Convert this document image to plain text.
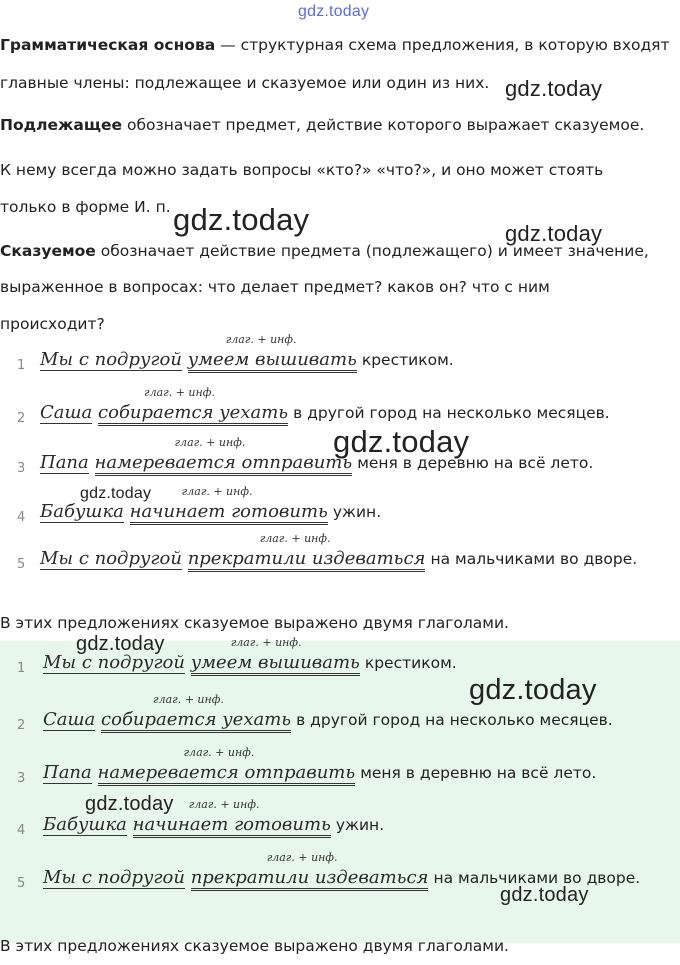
gdz.today

Грамматическая основа — структурная схема предложения, в которую входят

главные члены: подлежащее и сказуемое или один из них. gdz.today

Подлежащее обозначает предмет, действие которого выражает сказуемое.

К нему всегда можно задать вопросы «кто?» «что?», и оно может стоять

только в форме И. п. gdz.today	gdz.today

Сказуемое обозначает действие предмета (подлежащего) и имеет значение,

выраженное в вопросах: что делает предмет? каков он? что с ним

происходит?

1 Мы с подругой
глаг. + инф.
умеем вышивать крестиком.
2 Саша
глаг. + инф.
собирается уехать в другой город на несколько месяцев.
3 Папа
глаг. + инф.
намеревается отправить меня в деревню на всё лето.
gdz.today
4 Бабушка
глаг. + инф.
начинает готовить ужин.
gdz.today
5 Мы с подругой
глаг. + инф.
прекратили издеваться на мальчиками во дворе.

В этих предложениях сказуемое выражено двумя глаголами.

1 Мы с подругой
глаг. + инф.
умеем вышивать крестиком.
gdz.today
gdz.today
2 Саша
глаг. + инф.
собирается уехать в другой город на несколько месяцев.
3 Папа
глаг. + инф.
намеревается отправить меня в деревню на всё лето.
gdz.today
4 Бабушка
глаг. + инф.
начинает готовить ужин.
5 Мы с подругой
глаг. + инф.
прекратили издеваться на мальчиками во дворе.
gdz.today

В этих предложениях сказуемое выражено двумя глаголами.
